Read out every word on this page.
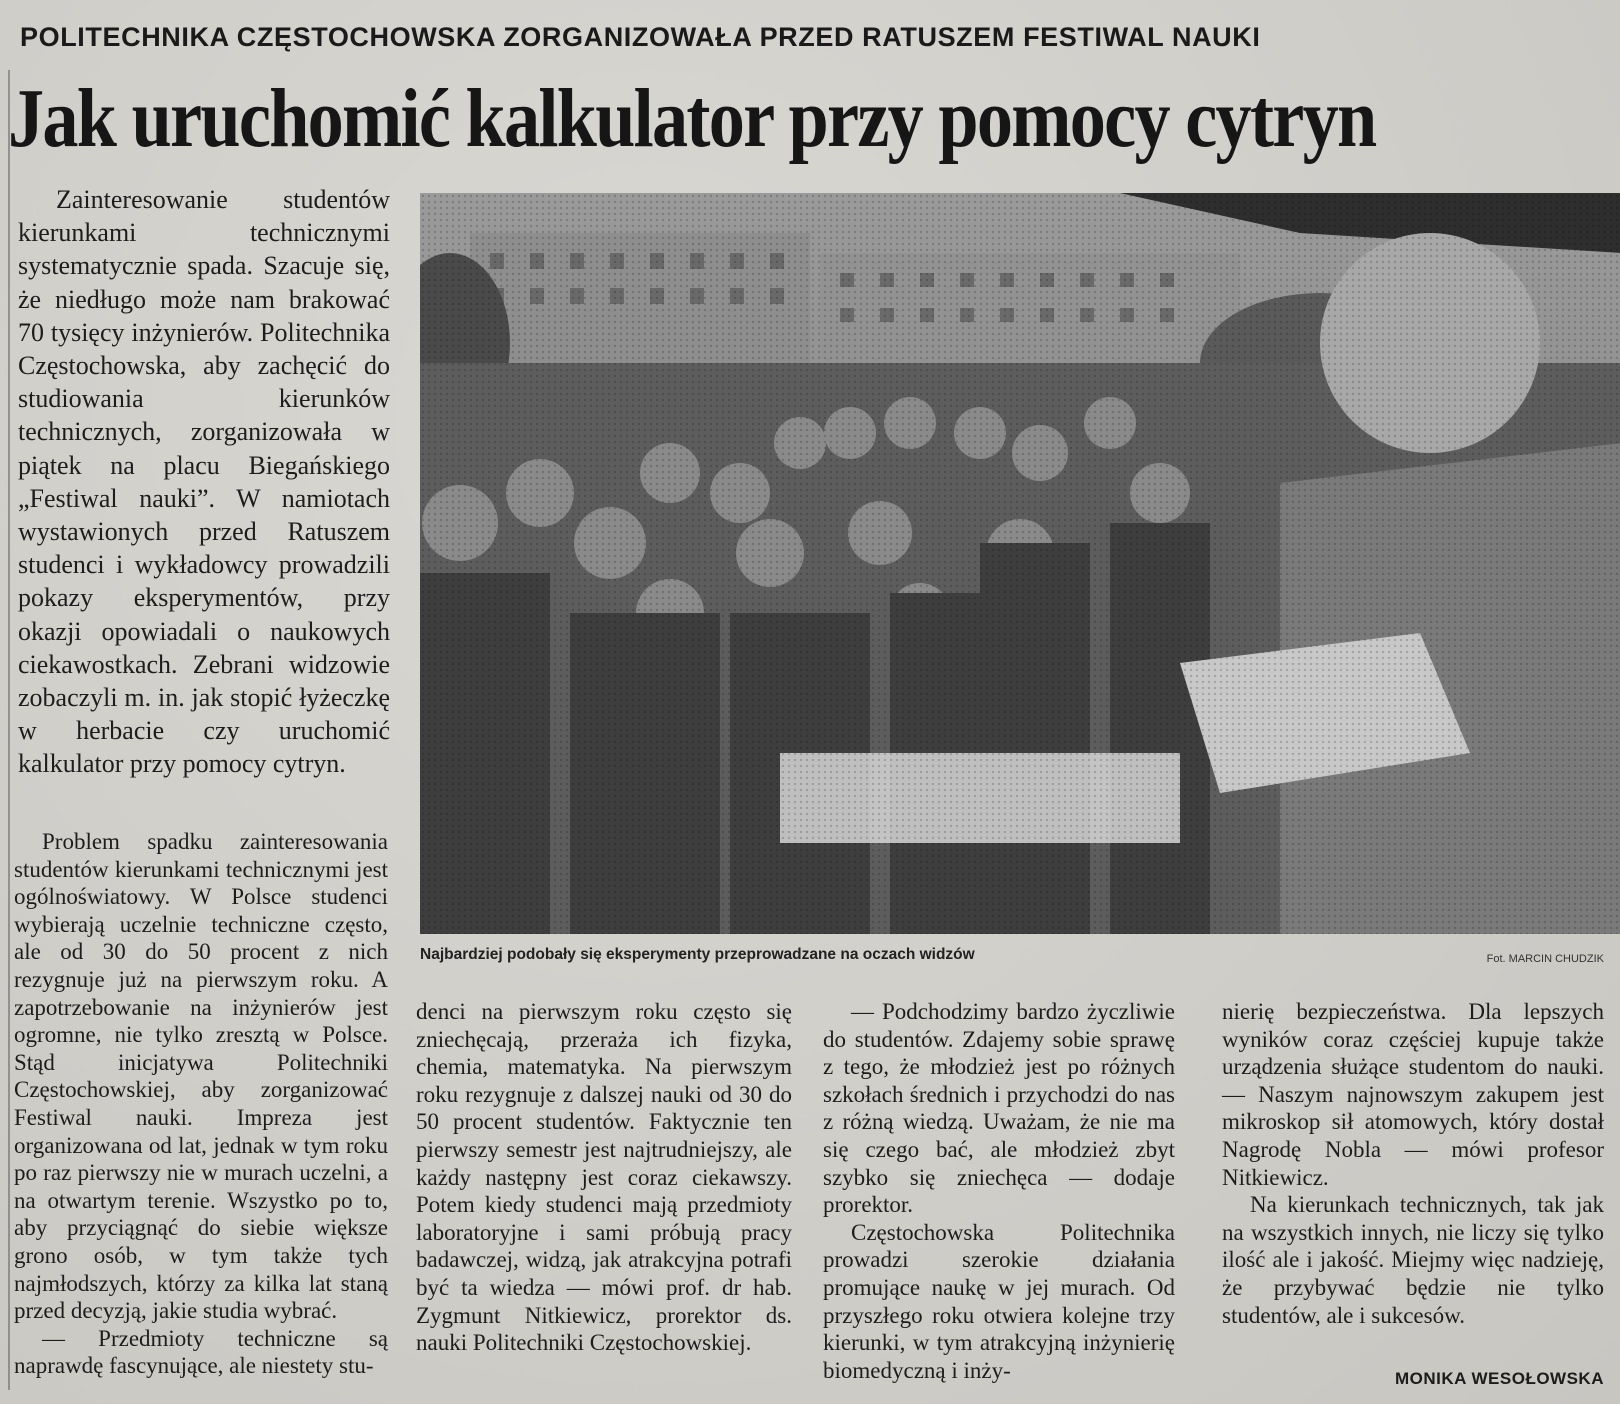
POLITECHNIKA CZĘSTOCHOWSKA ZORGANIZOWAŁA PRZED RATUSZEM FESTIWAL NAUKI
Jak uruchomić kalkulator przy pomocy cytryn

Zainteresowanie studentów kierunkami technicznymi systematycznie spada. Szacuje się, że niedługo może nam brakować 70 tysięcy inżynierów. Politechnika Częstochowska, aby zachęcić do studiowania kierunków technicznych, zorganizowała w piątek na placu Biegańskiego „Festiwal nauki”. W namiotach wystawionych przed Ratuszem studenci i wykładowcy prowadzili pokazy eksperymentów, przy okazji opowiadali o naukowych ciekawostkach. Zebrani widzowie zobaczyli m. in. jak stopić łyżeczkę w herbacie czy uruchomić kalkulator przy pomocy cytryn.

Najbardziej podobały się eksperymenty przeprowadzane na oczach widzów	Fot. MARCIN CHUDZIK

Problem spadku zainteresowania studentów kierunkami technicznymi jest ogólnoświatowy. W Polsce studenci wybierają uczelnie techniczne często, ale od 30 do 50 procent z nich rezygnuje już na pierwszym roku. A zapotrzebowanie na inżynierów jest ogromne, nie tylko zresztą w Polsce. Stąd inicjatywa Politechniki Częstochowskiej, aby zorganizować Festiwal nauki. Impreza jest organizowana od lat, jednak w tym roku po raz pierwszy nie w murach uczelni, a na otwartym terenie. Wszystko po to, aby przyciągnąć do siebie większe grono osób, w tym także tych najmłodszych, którzy za kilka lat staną przed decyzją, jakie studia wybrać.

— Przedmioty techniczne są naprawdę fascynujące, ale niestety stu-

denci na pierwszym roku często się zniechęcają, przeraża ich fizyka, chemia, matematyka. Na pierwszym roku rezygnuje z dalszej nauki od 30 do 50 procent studentów. Faktycznie ten pierwszy semestr jest najtrudniejszy, ale każdy następny jest coraz ciekawszy. Potem kiedy studenci mają przedmioty laboratoryjne i sami próbują pracy badawczej, widzą, jak atrakcyjna potrafi być ta wiedza — mówi prof. dr hab. Zygmunt Nitkiewicz, prorektor ds. nauki Politechniki Częstochowskiej.

— Podchodzimy bardzo życzliwie do studentów. Zdajemy sobie sprawę z tego, że młodzież jest po różnych szkołach średnich i przychodzi do nas z różną wiedzą. Uważam, że nie ma się czego bać, ale młodzież zbyt szybko się zniechęca — dodaje prorektor.

Częstochowska Politechnika prowadzi szerokie działania promujące naukę w jej murach. Od przyszłego roku otwiera kolejne trzy kierunki, w tym atrakcyjną inżynierię biomedyczną i inży-

nierię bezpieczeństwa. Dla lepszych wyników coraz częściej kupuje także urządzenia służące studentom do nauki. — Naszym najnowszym zakupem jest mikroskop sił atomowych, który dostał Nagrodę Nobla — mówi profesor Nitkiewicz.

Na kierunkach technicznych, tak jak na wszystkich innych, nie liczy się tylko ilość ale i jakość. Miejmy więc nadzieję, że przybywać będzie nie tylko studentów, ale i sukcesów.

MONIKA WESOŁOWSKA
